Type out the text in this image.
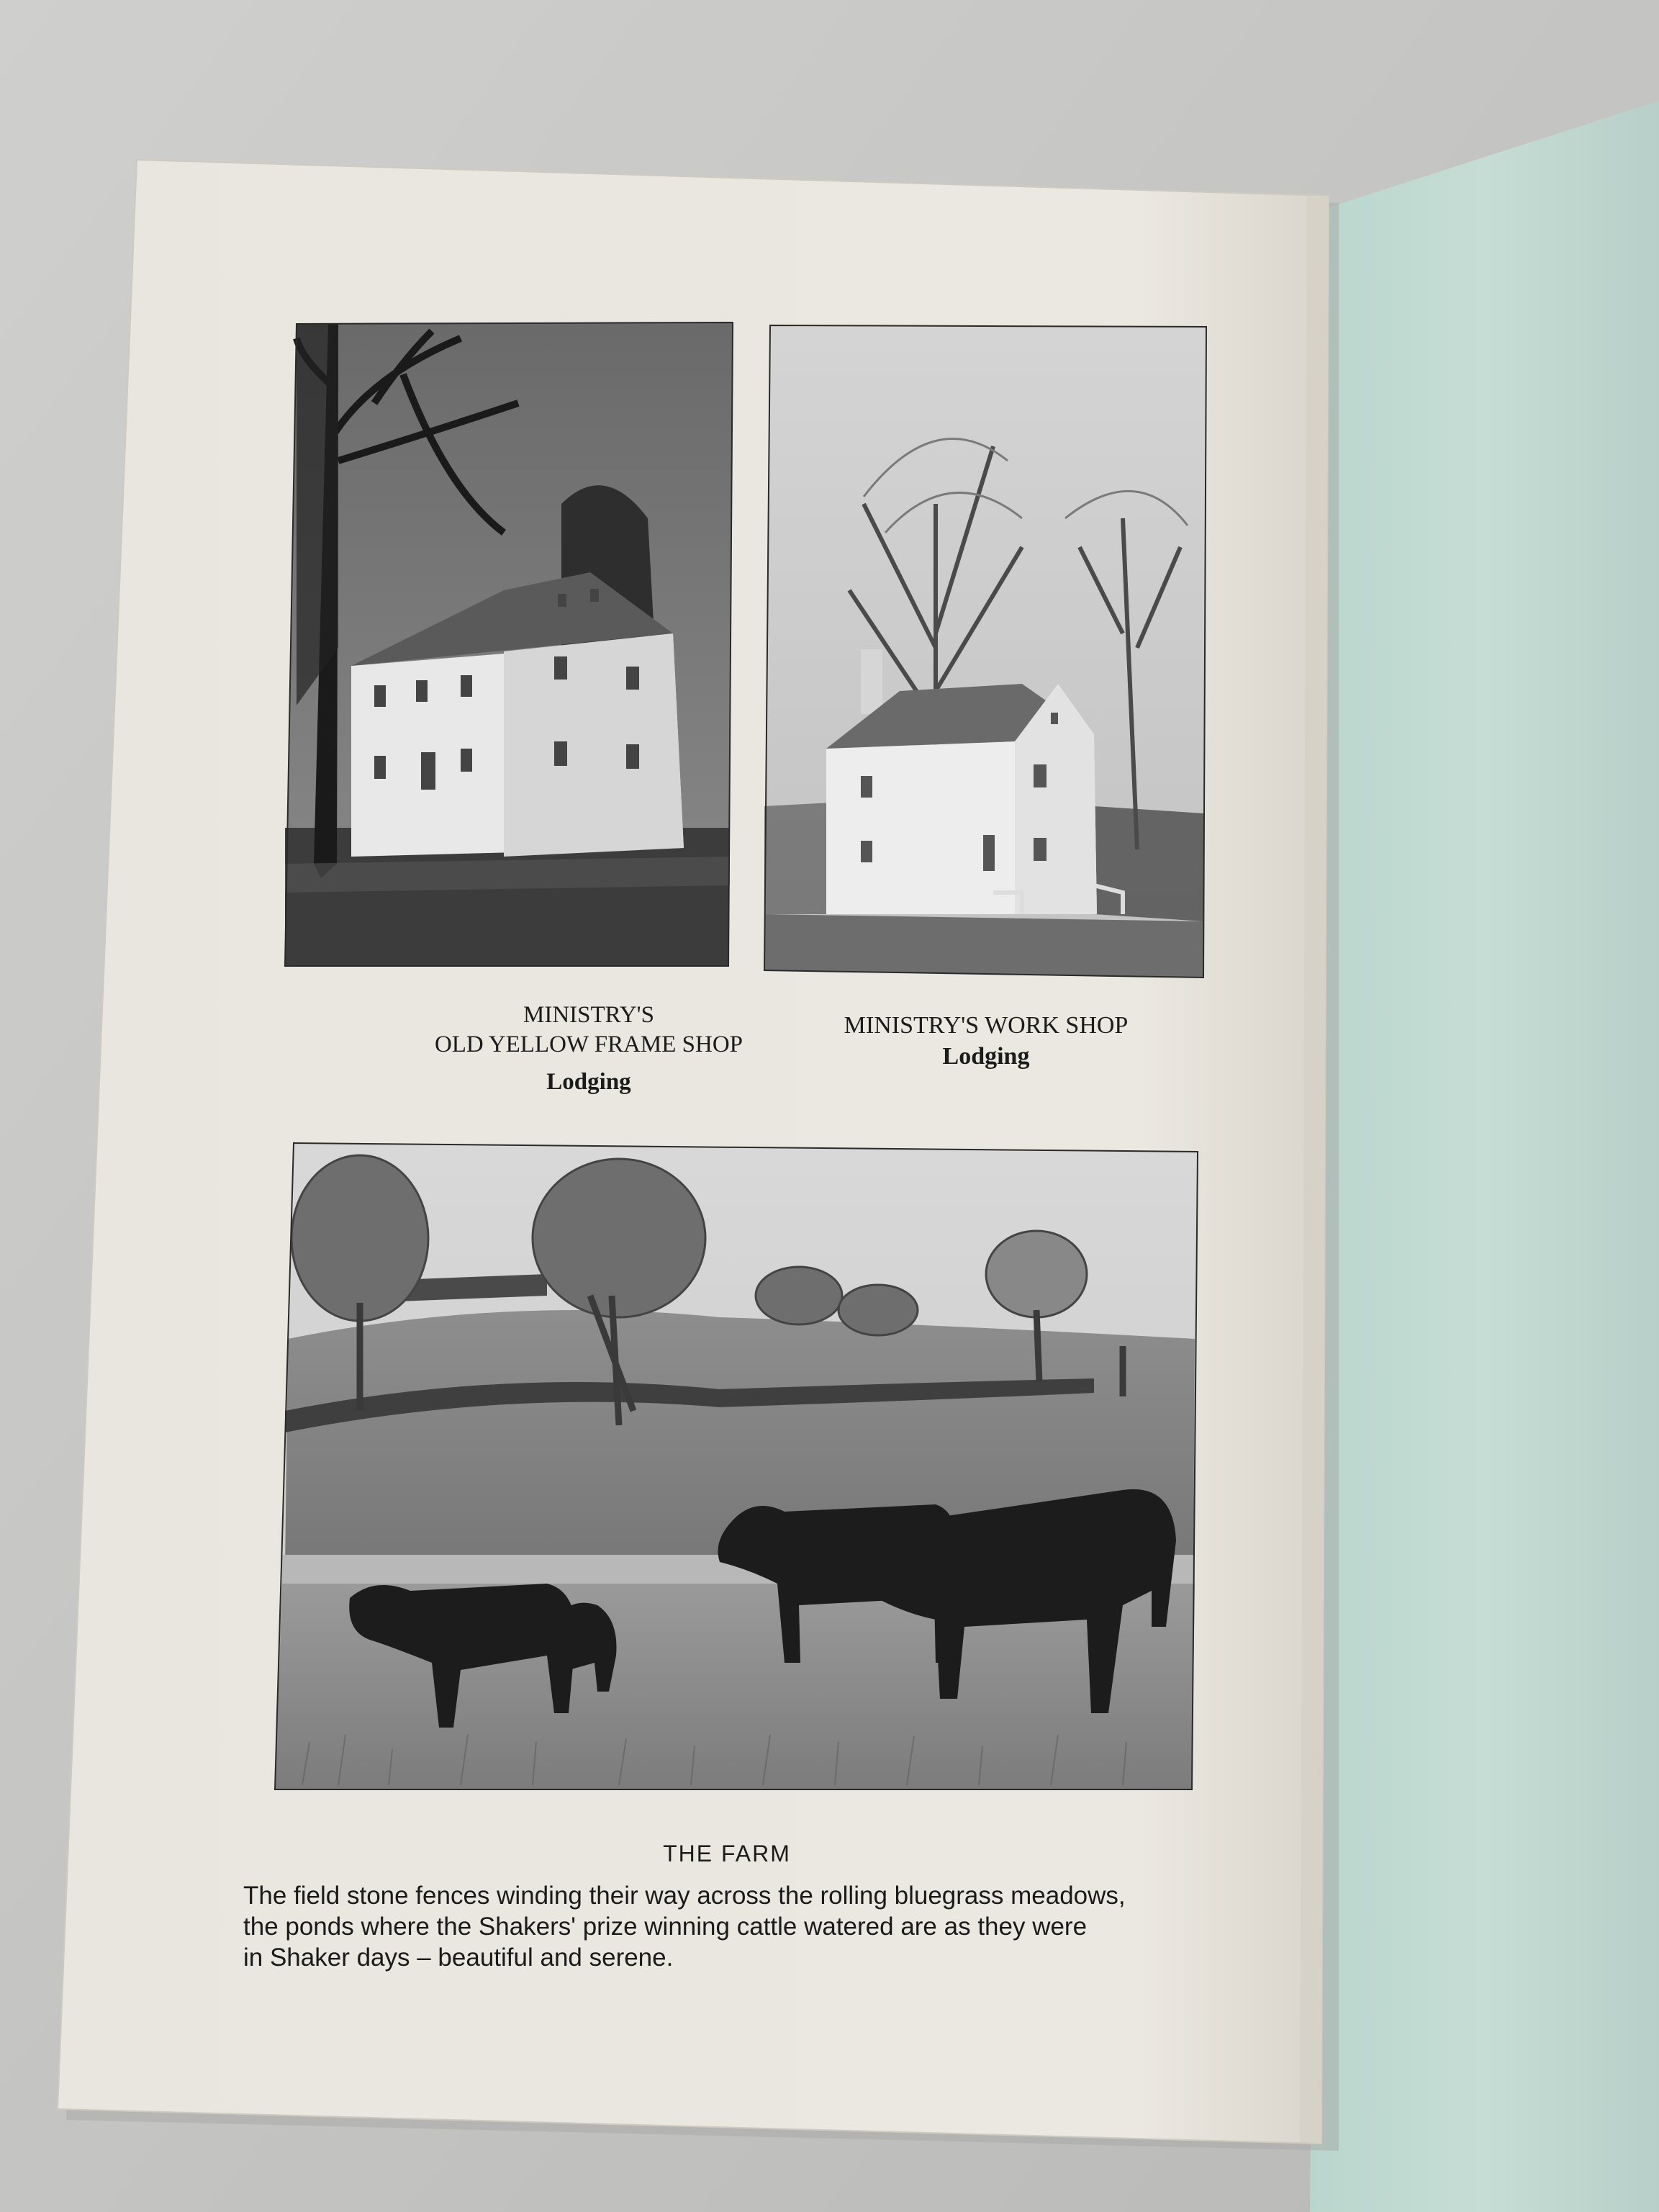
MINISTRY'S
OLD YELLOW FRAME SHOP
Lodging
MINISTRY'S WORK SHOP
Lodging
THE FARM
The field stone fences winding their way across the rolling bluegrass meadows,
the ponds where the Shakers' prize winning cattle watered are as they were
in Shaker days – beautiful and serene.
